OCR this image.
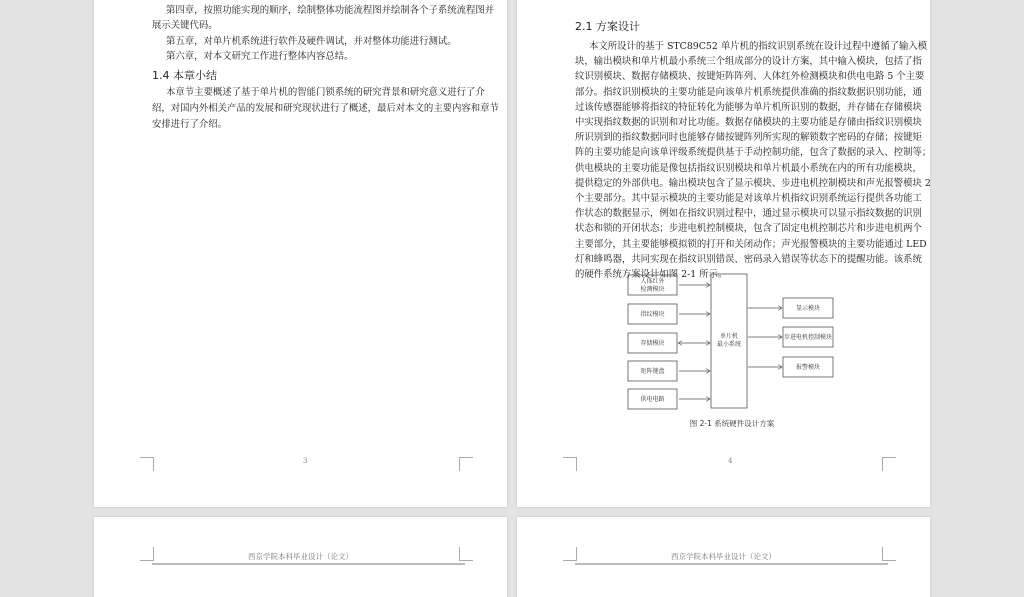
第四章，按照功能实现的顺序，绘制整体功能流程图并绘制各个子系统流程图并
展示关键代码。
第五章，对单片机系统进行软件及硬件调试，并对整体功能进行测试。
第六章，对本文研究工作进行整体内容总结。
1.4 本章小结
本章节主要概述了基于单片机的智能门锁系统的研究背景和研究意义进行了介
绍，对国内外相关产品的发展和研究现状进行了概述，最后对本文的主要内容和章节
安排进行了介绍。
3
2.1 方案设计
本文所设计的基于 STC89C52 单片机的指纹识别系统在设计过程中遵循了输入模
块，输出模块和单片机最小系统三个组成部分的设计方案，其中输入模块，包括了指
纹识别模块、数据存储模块、按键矩阵阵列、人体红外检测模块和供电电路 5 个主要
部分。指纹识别模块的主要功能是向该单片机系统提供准确的指纹数据识别功能，通
过该传感器能够将指纹的特征转化为能够为单片机所识别的数据，并存储在存储模块
中实现指纹数据的识别和对比功能。数据存储模块的主要功能是存储由指纹识别模块
所识别到的指纹数据同时也能够存储按键阵列所实现的解锁数字密码的存储；按键矩
阵的主要功能是向该单评级系统提供基于手动控制功能，包含了数据的录入、控制等；
供电模块的主要功能是像包括指纹识别模块和单片机最小系统在内的所有功能模块，
提供稳定的外部供电。输出模块包含了显示模块、步进电机控制模块和声光报警模块 2
个主要部分。其中显示模块的主要功能是对该单片机指纹识别系统运行提供各功能工
作状态的数据显示，例如在指纹识别过程中，通过显示模块可以显示指纹数据的识别
状态和锁的开闭状态；步进电机控制模块，包含了固定电机控制芯片和步进电机两个
主要部分，其主要能够模拟锁的打开和关闭动作；声光报警模块的主要功能通过 LED
灯和蜂鸣器，共同实现在指纹识别错误、密码录入错误等状态下的提醒功能。该系统
的硬件系统方案设计如图 2-1 所示。
人体红外
检测模块
指纹模块
存储模块
矩阵键盘
供电电路
单片机
最小系统
显示模块
步进电机控制模块
报警模块
图 2-1 系统硬件设计方案
4
西京学院本科毕业设计（论文）	西京学院本科毕业设计（论文）
